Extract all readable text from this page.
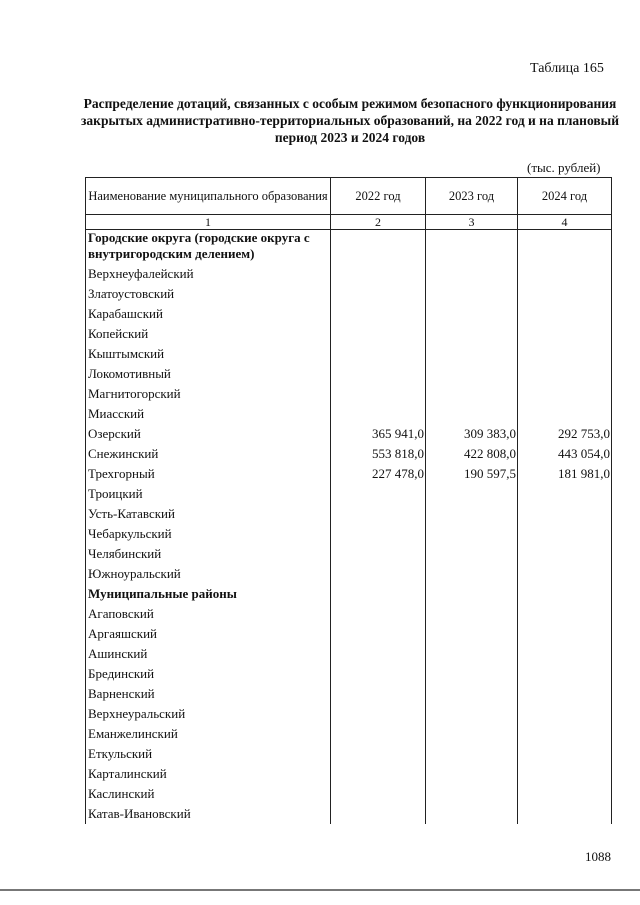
Таблица 165
Распределение дотаций, связанных с особым режимом безопасного функционирования закрытых административно-территориальных образований, на 2022 год и на плановый период 2023 и 2024 годов
(тыс. рублей)
Наименование муниципального образования	2022 год	2023 год	2024 год
1	2	3	4
Городские округа (городские округа с внутригородским делением)			
Верхнеуфалейский			
Златоустовский			
Карабашский			
Копейский			
Кыштымский			
Локомотивный			
Магнитогорский			
Миасский			
Озерский	365 941,0	309 383,0	292 753,0
Снежинский	553 818,0	422 808,0	443 054,0
Трехгорный	227 478,0	190 597,5	181 981,0
Троицкий			
Усть-Катавский			
Чебаркульский			
Челябинский			
Южноуральский			
Муниципальные районы			
Агаповский			
Аргаяшский			
Ашинский			
Брединский			
Варненский			
Верхнеуральский			
Еманжелинский			
Еткульский			
Карталинский			
Каслинский			
Катав-Ивановский			
1088
